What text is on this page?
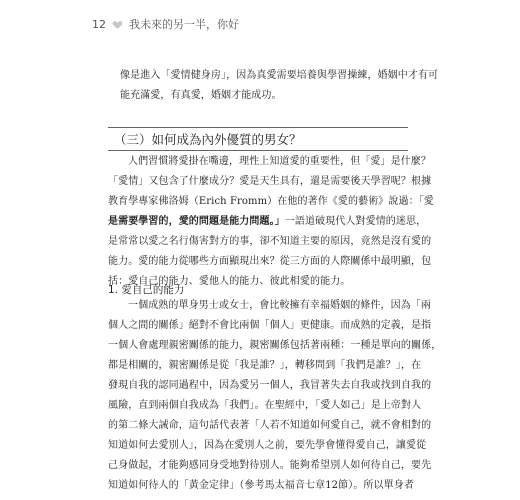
12 我未來的另一半，你好
像是進入「愛情健身房」，因為真愛需要培養與學習操練，婚姻中才有可
能充滿愛，有真愛，婚姻才能成功。
（三）如何成為內外優質的男女？
人們習慣將愛掛在嘴邊，理性上知道愛的重要性，但「愛」是什麼？
「愛情」又包含了什麼成分？愛是天生具有，還是需要後天學習呢？根據
教育學專家佛洛姆（Erich Fromm）在他的著作《愛的藝術》說過：「愛
是需要學習的，愛的問題是能力問題。」一語道破現代人對愛情的迷思，
是常常以愛之名行傷害對方的事，卻不知道主要的原因，竟然是沒有愛的
能力。愛的能力從哪些方面顯現出來？從三方面的人際關係中最明顯，包
括：愛自己的能力、愛他人的能力、彼此相愛的能力。
1. 愛自己的能力
一個成熟的單身男士或女士，會比較擁有幸福婚姻的條件，因為「兩
個人之間的關係」絕對不會比兩個「個人」更健康。而成熟的定義，是指
一個人會處理親密關係的能力，親密關係包括著兩種：一種是單向的關係，
都是相關的，親密關係是從「我是誰？」，轉移問到「我們是誰？」，在
發現自我的認同過程中，因為愛另一個人，我冒著失去自我或找到自我的
風險，直到兩個自我成為「我們」。在聖經中，「愛人如己」是上帝對人
的第二條大誡命，這句話代表著「人若不知道如何愛自己，就不會相對的
知道如何去愛別人」，因為在愛別人之前，要先學會懂得愛自己，讓愛從
己身做起，才能夠感同身受地對待別人。能夠希望別人如何待自己，要先
知道如何待人的「黃金定律」（參考馬太福音七章12節）。所以單身者
